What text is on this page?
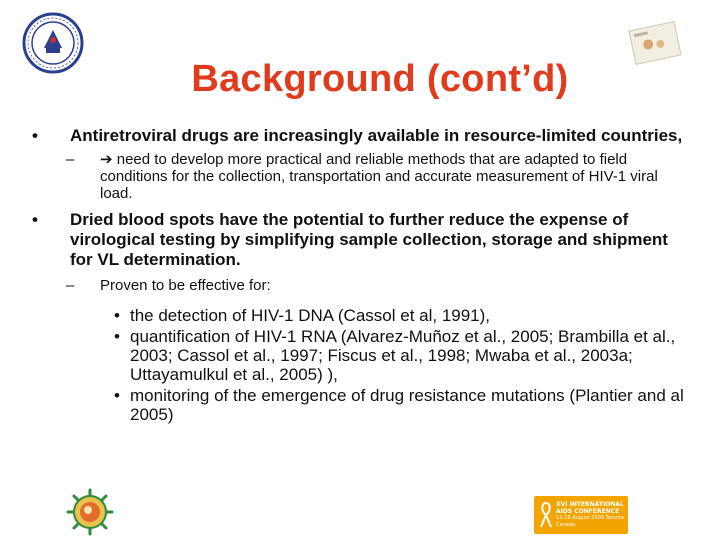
Background (cont’d)
• Antiretroviral drugs are increasingly available in resource-limited countries,
– ➔ need to develop more practical and reliable methods that are adapted to field conditions for the collection, transportation and accurate measurement of HIV-1 viral load.
• Dried blood spots have the potential to further reduce the expense of virological testing by simplifying sample collection, storage and shipment for VL determination.
– Proven to be effective for:
• the detection of HIV-1 DNA (Cassol et al, 1991),
• quantification of HIV-1 RNA (Alvarez-Muñoz et al., 2005; Brambilla et al., 2003; Cassol et al., 1997; Fiscus et al., 1998; Mwaba et al., 2003a; Uttayamulkul et al., 2005) ),
• monitoring of the emergence of drug resistance mutations (Plantier and al 2005)
XVI INTERNATIONAL
AIDS CONFERENCE
13-18 August 2006 Toronto Canada
